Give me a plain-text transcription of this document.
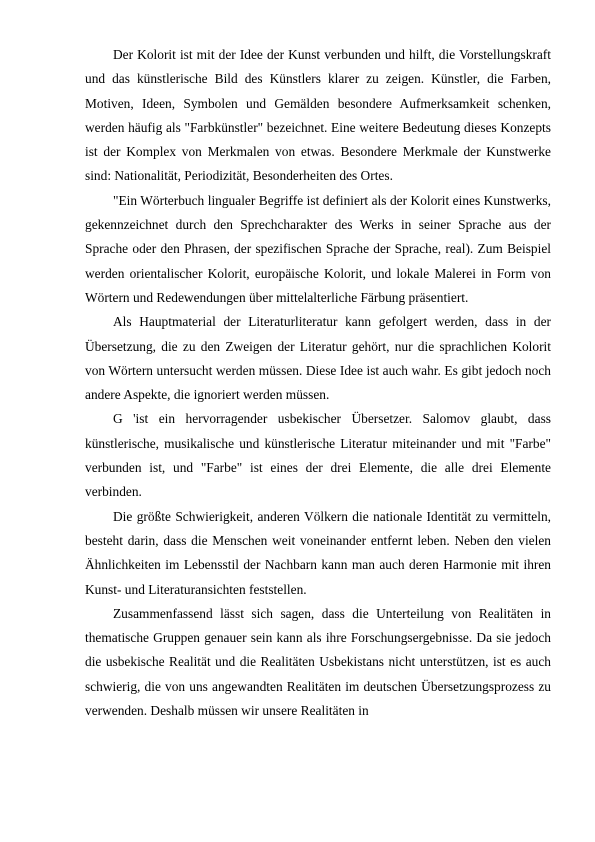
Der Kolorit ist mit der Idee der Kunst verbunden und hilft, die Vorstellungskraft und das künstlerische Bild des Künstlers klarer zu zeigen. Künstler, die Farben, Motiven, Ideen, Symbolen und Gemälden besondere Aufmerksamkeit schenken, werden häufig als "Farbkünstler" bezeichnet. Eine weitere Bedeutung dieses Konzepts ist der Komplex von Merkmalen von etwas. Besondere Merkmale der Kunstwerke sind: Nationalität, Periodizität, Besonderheiten des Ortes.

"Ein Wörterbuch lingualer Begriffe ist definiert als der Kolorit eines Kunstwerks, gekennzeichnet durch den Sprechcharakter des Werks in seiner Sprache aus der Sprache oder den Phrasen, der spezifischen Sprache der Sprache, real). Zum Beispiel werden orientalischer Kolorit, europäische Kolorit, und lokale Malerei in Form von Wörtern und Redewendungen über mittelalterliche Färbung präsentiert.

Als Hauptmaterial der Literaturliteratur kann gefolgert werden, dass in der Übersetzung, die zu den Zweigen der Literatur gehört, nur die sprachlichen Kolorit von Wörtern untersucht werden müssen. Diese Idee ist auch wahr. Es gibt jedoch noch andere Aspekte, die ignoriert werden müssen.

G 'ist ein hervorragender usbekischer Übersetzer. Salomov glaubt, dass künstlerische, musikalische und künstlerische Literatur miteinander und mit "Farbe" verbunden ist, und "Farbe" ist eines der drei Elemente, die alle drei Elemente verbinden.

Die größte Schwierigkeit, anderen Völkern die nationale Identität zu vermitteln, besteht darin, dass die Menschen weit voneinander entfernt leben. Neben den vielen Ähnlichkeiten im Lebensstil der Nachbarn kann man auch deren Harmonie mit ihren Kunst- und Literaturansichten feststellen.

Zusammenfassend lässt sich sagen, dass die Unterteilung von Realitäten in thematische Gruppen genauer sein kann als ihre Forschungsergebnisse. Da sie jedoch die usbekische Realität und die Realitäten Usbekistans nicht unterstützen, ist es auch schwierig, die von uns angewandten Realitäten im deutschen Übersetzungsprozess zu verwenden. Deshalb müssen wir unsere Realitäten in
